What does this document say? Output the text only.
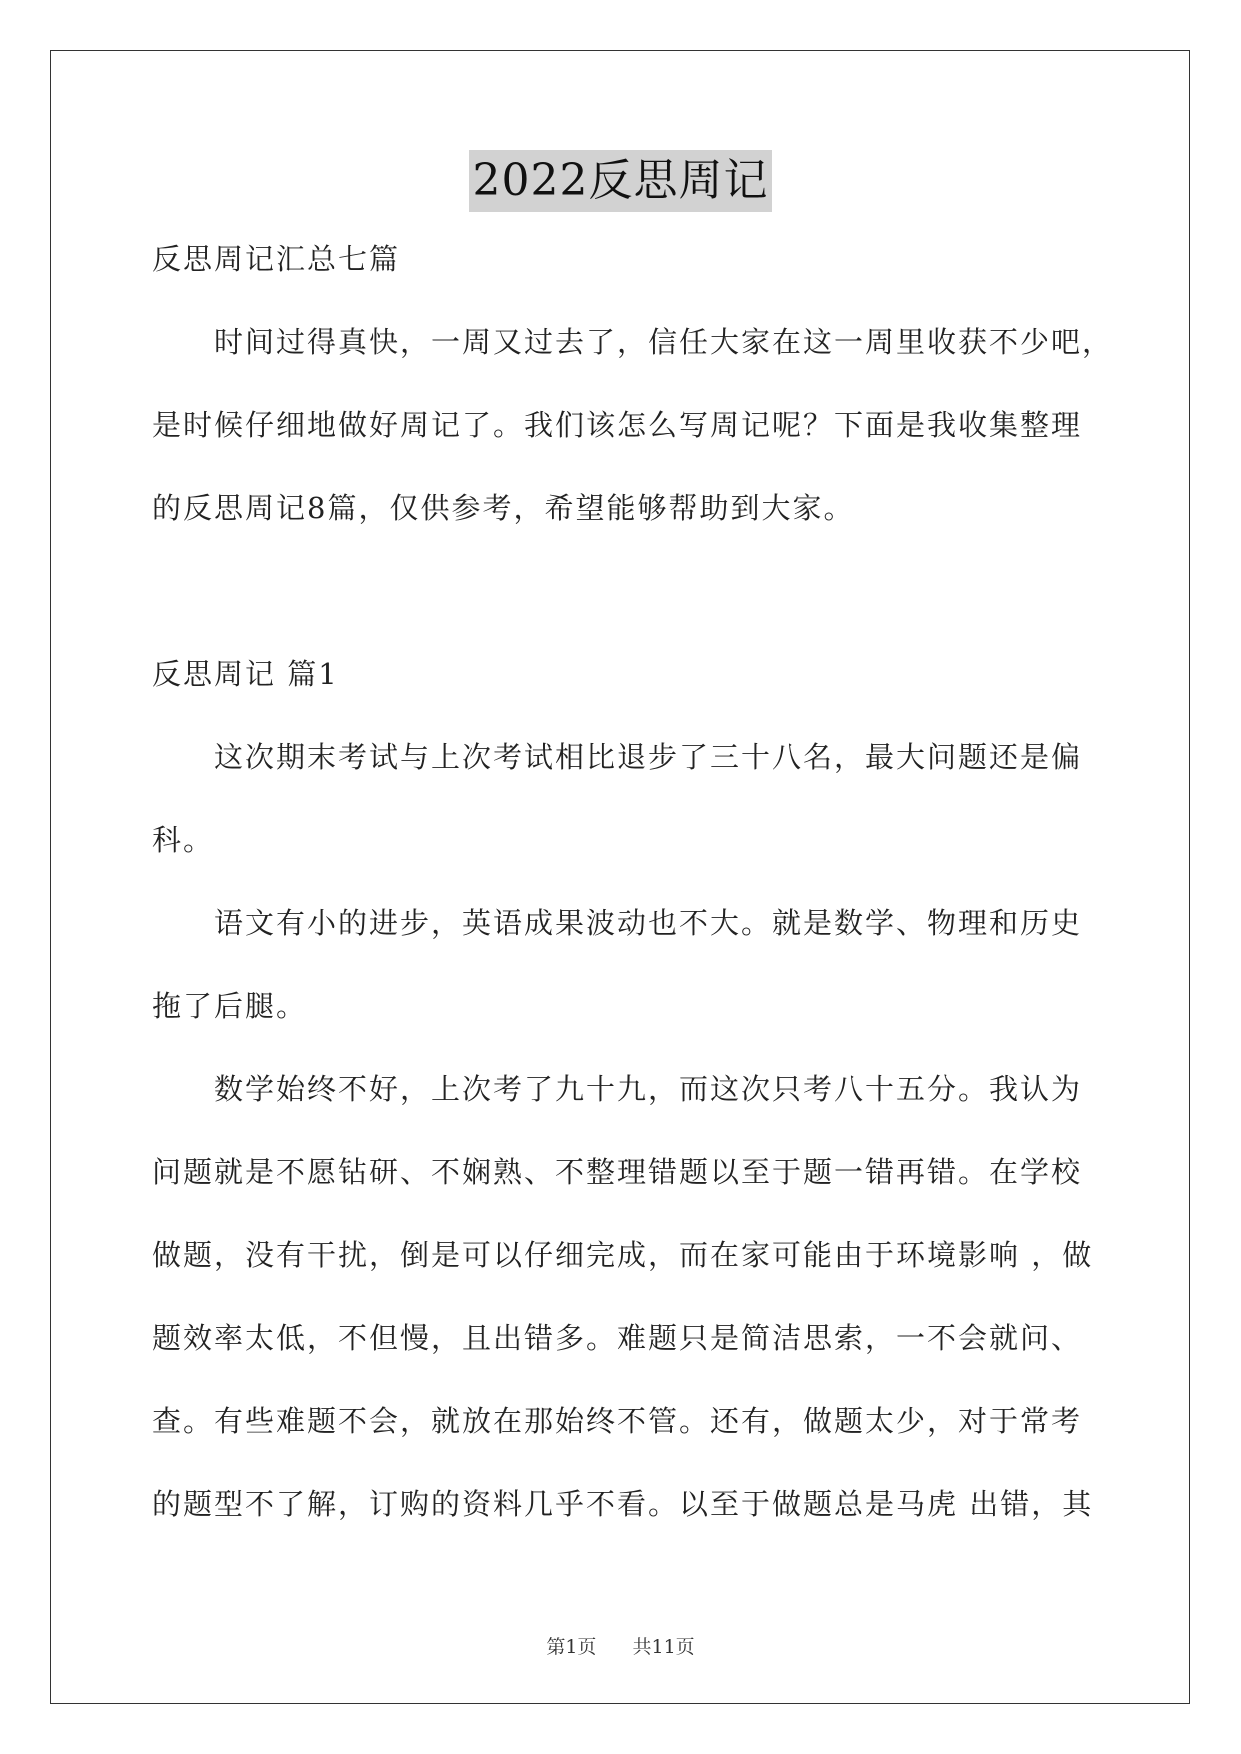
2022反思周记
反思周记汇总七篇
时间过得真快，一周又过去了，信任大家在这一周里收获不少吧，
是时候仔细地做好周记了。我们该怎么写周记呢？下面是我收集整理
的反思周记8篇，仅供参考，希望能够帮助到大家。
反思周记 篇1
这次期末考试与上次考试相比退步了三十八名，最大问题还是偏
科。
语文有小的进步，英语成果波动也不大。就是数学、物理和历史
拖了后腿。
数学始终不好，上次考了九十九，而这次只考八十五分。我认为
问题就是不愿钻研、不娴熟、不整理错题以至于题一错再错。在学校
做题，没有干扰，倒是可以仔细完成，而在家可能由于环境影响 ，做
题效率太低，不但慢，且出错多。难题只是简洁思索，一不会就问、
查。有些难题不会，就放在那始终不管。还有，做题太少，对于常考
的题型不了解，订购的资料几乎不看。以至于做题总是马虎 出错，其
第1页 共11页
